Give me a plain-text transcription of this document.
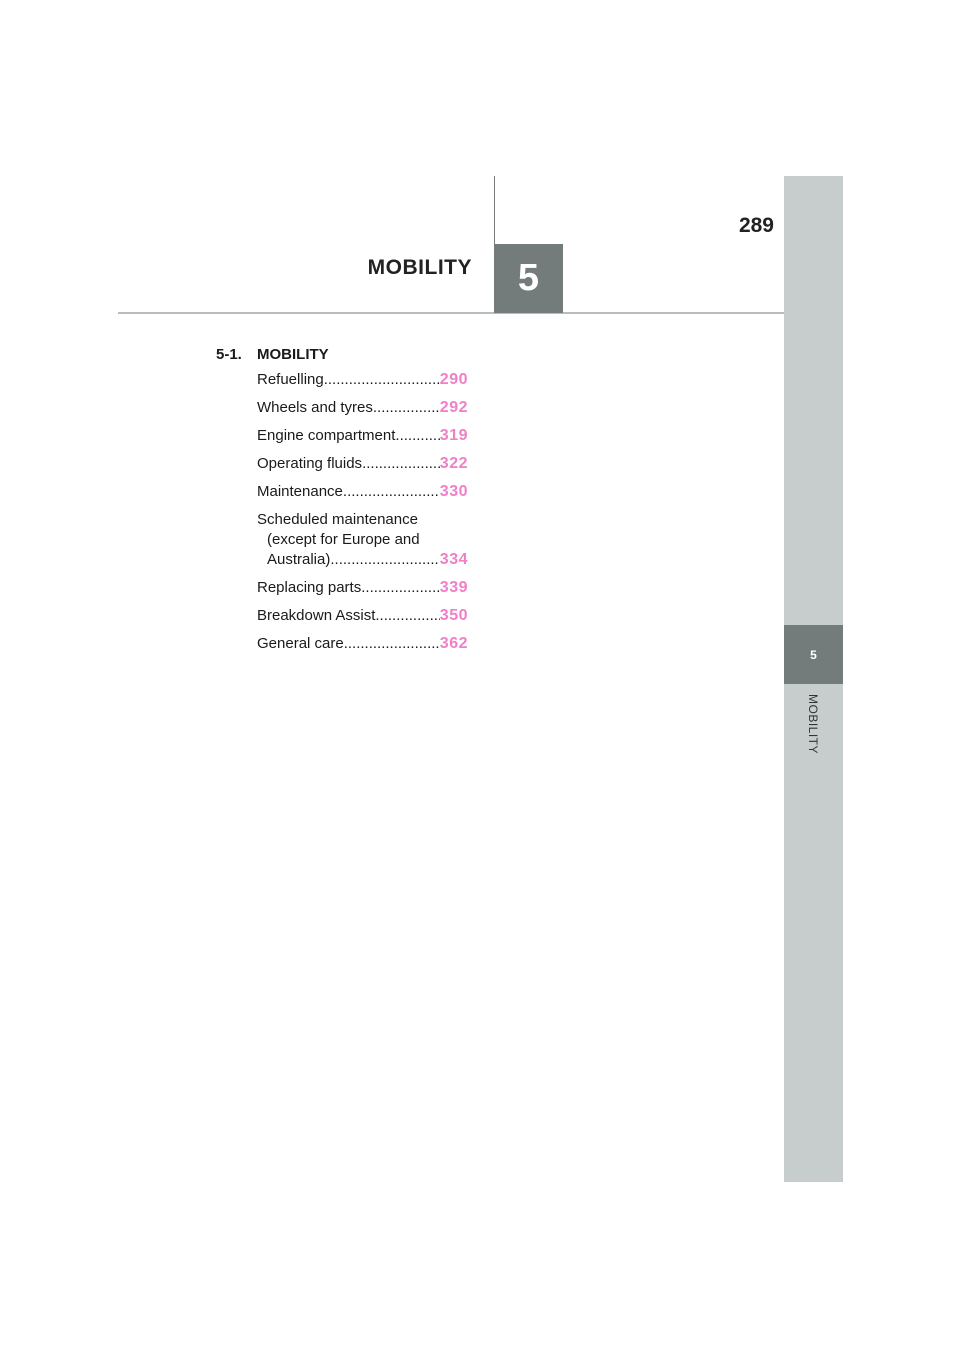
289
MOBILITY	5
5
MOBILITY
5-1. MOBILITY
Refuelling .....	290
Wheels and tyres .....	292
Engine compartment .....	319
Operating fluids .....	322
Maintenance .....	330
Scheduled maintenance
(except for Europe and
Australia) .....	334
Replacing parts .....	339
Breakdown Assist .....	350
General care .....	362
